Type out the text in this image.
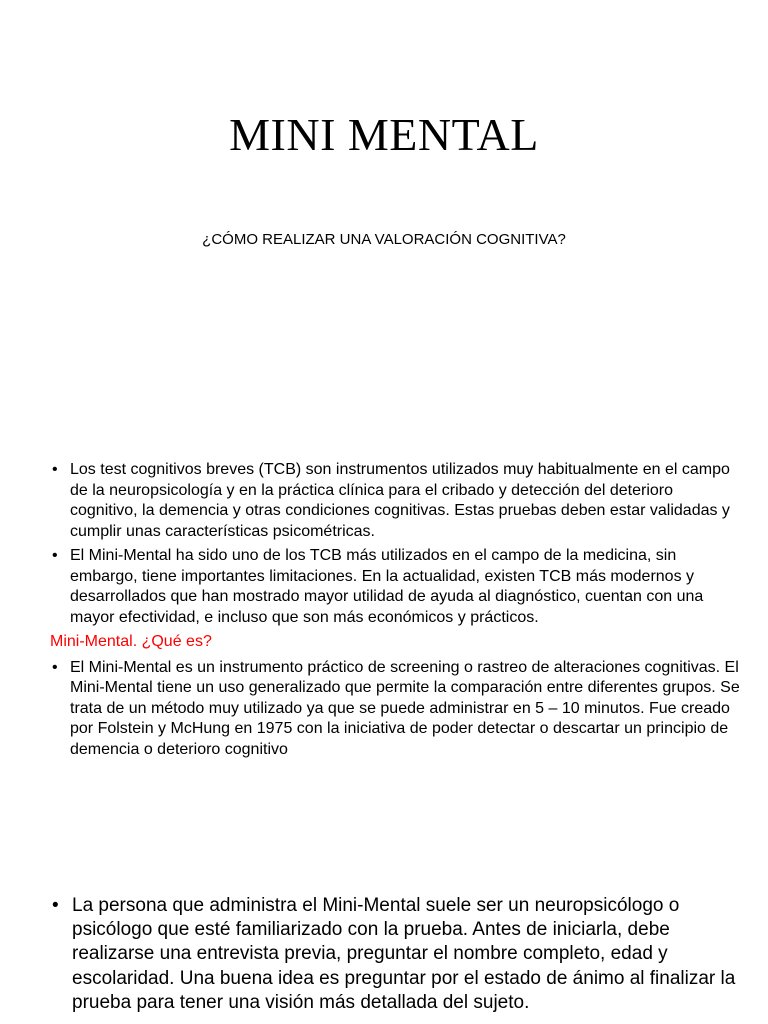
MINI MENTAL
¿CÓMO REALIZAR UNA VALORACIÓN COGNITIVA?
• Los test cognitivos breves (TCB) son instrumentos utilizados muy habitualmente en el campo de la neuropsicología y en la práctica clínica para el cribado y detección del deterioro cognitivo, la demencia y otras condiciones cognitivas. Estas pruebas deben estar validadas y cumplir unas características psicométricas.
• El Mini-Mental ha sido uno de los TCB más utilizados en el campo de la medicina, sin embargo, tiene importantes limitaciones. En la actualidad, existen TCB más modernos y desarrollados que han mostrado mayor utilidad de ayuda al diagnóstico, cuentan con una mayor efectividad, e incluso que son más económicos y prácticos.
Mini-Mental. ¿Qué es?
• El Mini-Mental es un instrumento práctico de screening o rastreo de alteraciones cognitivas. El Mini-Mental tiene un uso generalizado que permite la comparación entre diferentes grupos. Se trata de un método muy utilizado ya que se puede administrar en 5 – 10 minutos. Fue creado por Folstein y McHung en 1975 con la iniciativa de poder detectar o descartar un principio de demencia o deterioro cognitivo
• La persona que administra el Mini-Mental suele ser un neuropsicólogo o psicólogo que esté familiarizado con la prueba. Antes de iniciarla, debe realizarse una entrevista previa, preguntar el nombre completo, edad y escolaridad. Una buena idea es preguntar por el estado de ánimo al finalizar la prueba para tener una visión más detallada del sujeto.
